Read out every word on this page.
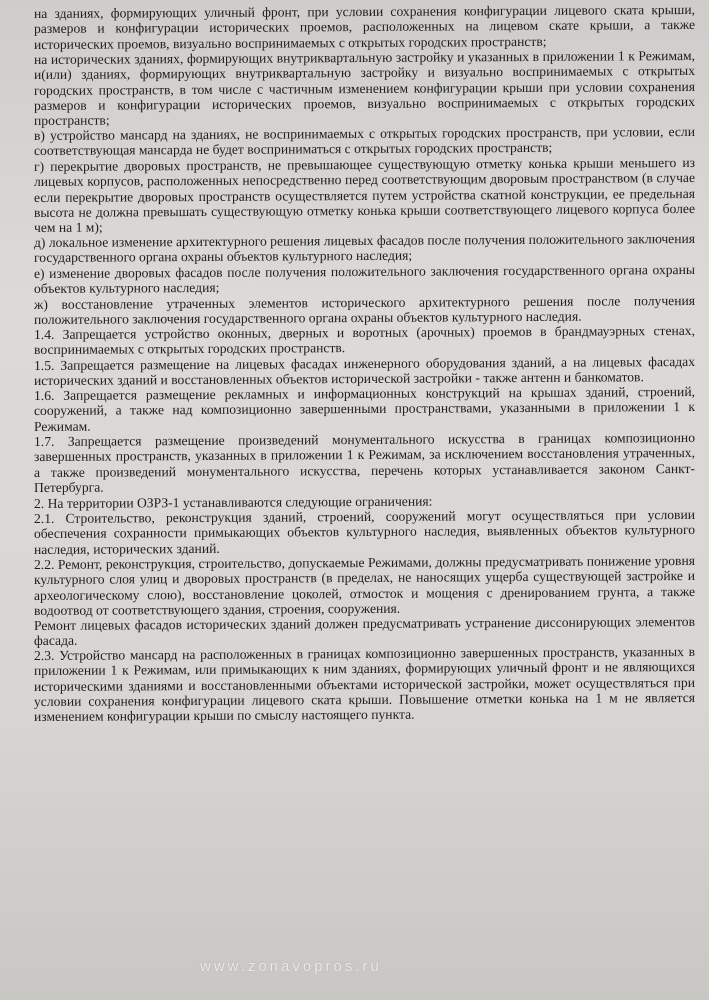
на зданиях, формирующих уличный фронт, при условии сохранения конфигурации лицевого ската крыши, размеров и конфигурации исторических проемов, расположенных на лицевом скате крыши, а также исторических проемов, визуально воспринимаемых с открытых городских пространств;

на исторических зданиях, формирующих внутриквартальную застройку и указанных в приложении 1 к Режимам, и(или) зданиях, формирующих внутриквартальную застройку и визуально воспринимаемых с открытых городских пространств, в том числе с частичным изменением конфигурации крыши при условии сохранения размеров и конфигурации исторических проемов, визуально воспринимаемых с открытых городских пространств;

в) устройство мансард на зданиях, не воспринимаемых с открытых городских пространств, при условии, если соответствующая мансарда не будет восприниматься с открытых городских пространств;

г) перекрытие дворовых пространств, не превышающее существующую отметку конька крыши меньшего из лицевых корпусов, расположенных непосредственно перед соответствующим дворовым пространством (в случае если перекрытие дворовых пространств осуществляется путем устройства скатной конструкции, ее предельная высота не должна превышать существующую отметку конька крыши соответствующего лицевого корпуса более чем на 1 м);

д) локальное изменение архитектурного решения лицевых фасадов после получения положительного заключения государственного органа охраны объектов культурного наследия;

е) изменение дворовых фасадов после получения положительного заключения государственного органа охраны объектов культурного наследия;

ж) восстановление утраченных элементов исторического архитектурного решения после получения положительного заключения государственного органа охраны объектов культурного наследия.

1.4. Запрещается устройство оконных, дверных и воротных (арочных) проемов в брандмауэрных стенах, воспринимаемых с открытых городских пространств.

1.5. Запрещается размещение на лицевых фасадах инженерного оборудования зданий, а на лицевых фасадах исторических зданий и восстановленных объектов исторической застройки - также антенн и банкоматов.

1.6. Запрещается размещение рекламных и информационных конструкций на крышах зданий, строений, сооружений, а также над композиционно завершенными пространствами, указанными в приложении 1 к Режимам.

1.7. Запрещается размещение произведений монументального искусства в границах композиционно завершенных пространств, указанных в приложении 1 к Режимам, за исключением восстановления утраченных, а также произведений монументального искусства, перечень которых устанавливается законом Санкт-Петербурга.

2. На территории ОЗРЗ-1 устанавливаются следующие ограничения:

2.1. Строительство, реконструкция зданий, строений, сооружений могут осуществляться при условии обеспечения сохранности примыкающих объектов культурного наследия, выявленных объектов культурного наследия, исторических зданий.

2.2. Ремонт, реконструкция, строительство, допускаемые Режимами, должны предусматривать понижение уровня культурного слоя улиц и дворовых пространств (в пределах, не наносящих ущерба существующей застройке и археологическому слою), восстановление цоколей, отмосток и мощения с дренированием грунта, а также водоотвод от соответствующего здания, строения, сооружения.

Ремонт лицевых фасадов исторических зданий должен предусматривать устранение диссонирующих элементов фасада.

2.3. Устройство мансард на расположенных в границах композиционно завершенных пространств, указанных в приложении 1 к Режимам, или примыкающих к ним зданиях, формирующих уличный фронт и не являющихся историческими зданиями и восстановленными объектами исторической застройки, может осуществляться при условии сохранения конфигурации лицевого ската крыши. Повышение отметки конька на 1 м не является изменением конфигурации крыши по смыслу настоящего пункта.

www.zonavopros.ru
